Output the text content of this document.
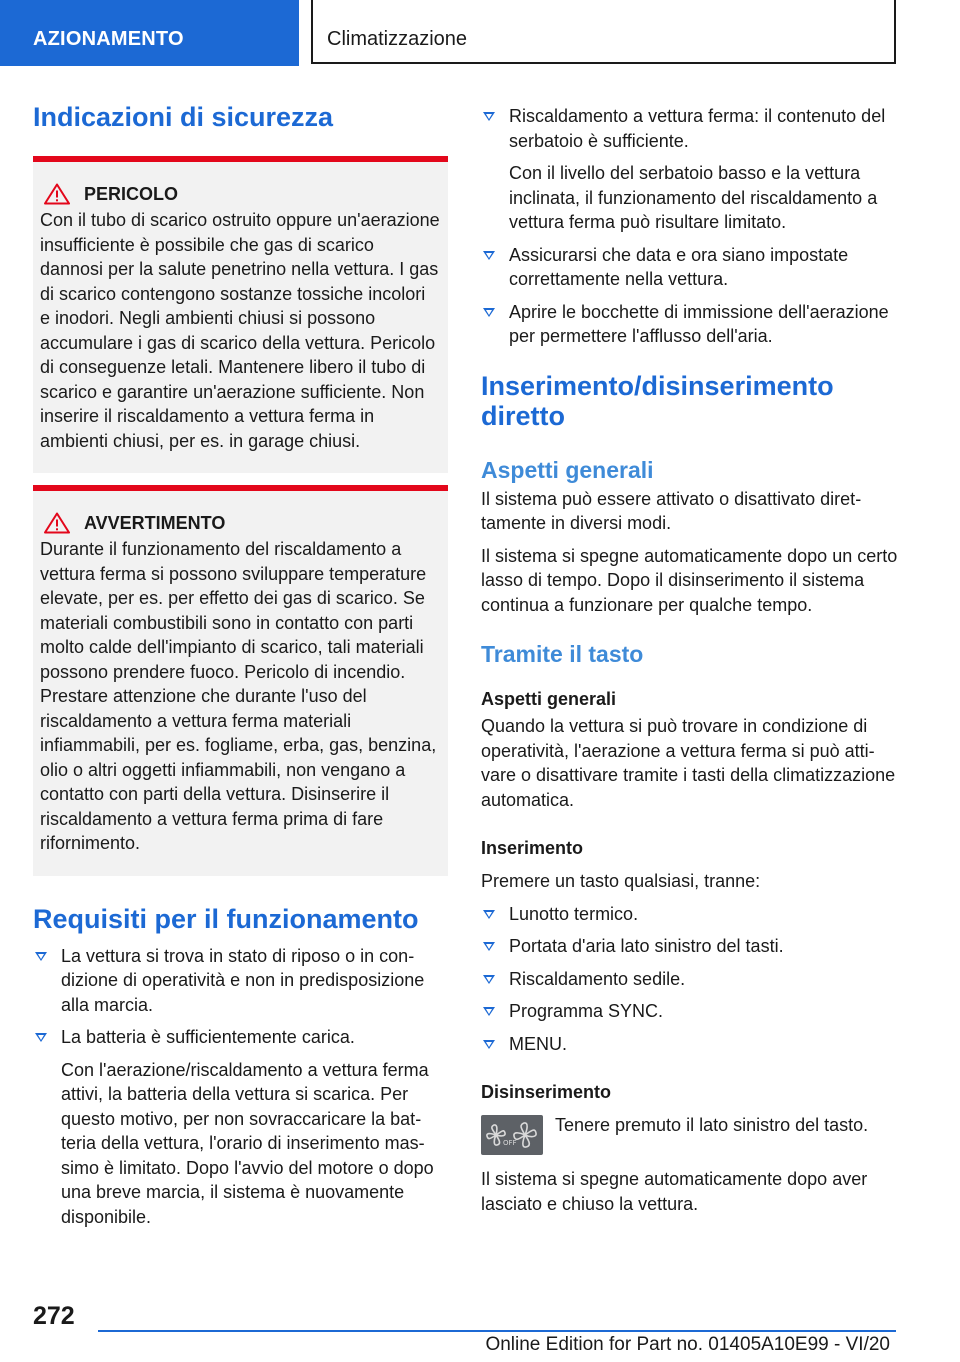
AZIONAMENTO	Climatizzazione
Indicazioni di sicurezza
PERICOLO

Con il tubo di scarico ostruito oppure un'aerazione insufficiente è possibile che gas di scarico dannosi per la salute penetrino nella vettura. I gas di scarico contengono sostanze tossiche incolori e inodori. Negli ambienti chiusi si possono accumulare i gas di scarico della vettura. Pericolo di conseguenze letali. Mantenere libero il tubo di scarico e garantire un'aerazione sufficiente. Non inserire il riscaldamento a vettura ferma in ambienti chiusi, per es. in garage chiusi.

AVVERTIMENTO

Durante il funzionamento del riscaldamento a vettura ferma si possono sviluppare temperature elevate, per es. per effetto dei gas di scarico. Se materiali combustibili sono in contatto con parti molto calde dell'impianto di scarico, tali materiali possono prendere fuoco. Pericolo di incendio. Prestare attenzione che durante l'uso del riscaldamento a vettura ferma materiali infiammabili, per es. fogliame, erba, gas, benzina, olio o altri oggetti infiammabili, non vengano a contatto con parti della vettura. Disinserire il riscaldamento a vettura ferma prima di fare rifornimento.

Requisiti per il funzionamento
La vettura si trova in stato di riposo o in condizione di operatività e non in predisposizione alla marcia.
La batteria è sufficientemente carica.
Con l'aerazione/riscaldamento a vettura ferma attivi, la batteria della vettura si scarica. Per questo motivo, per non sovraccaricare la batteria della vettura, l'orario di inserimento massimo è limitato. Dopo l'avvio del motore o dopo una breve marcia, il sistema è nuovamente disponibile.
Riscaldamento a vettura ferma: il contenuto del serbatoio è sufficiente.
Con il livello del serbatoio basso e la vettura inclinata, il funzionamento del riscaldamento a vettura ferma può risultare limitato.
Assicurarsi che data e ora siano impostate correttamente nella vettura.
Aprire le bocchette di immissione dell'aerazione per permettere l'afflusso dell'aria.
Inserimento/disinserimento diretto
Aspetti generali

Il sistema può essere attivato o disattivato direttamente in diversi modi.

Il sistema si spegne automaticamente dopo un certo lasso di tempo. Dopo il disinserimento il sistema continua a funzionare per qualche tempo.

Tramite il tasto
Aspetti generali

Quando la vettura si può trovare in condizione di operatività, l'aerazione a vettura ferma si può attivare o disattivare tramite i tasti della climatizzazione automatica.

Inserimento

Premere un tasto qualsiasi, tranne:

Lunotto termico.
Portata d'aria lato sinistro del tasti.
Riscaldamento sedile.
Programma SYNC.
MENU.
Disinserimento
OFF

Tenere premuto il lato sinistro del tasto.

Il sistema si spegne automaticamente dopo aver lasciato e chiuso la vettura.

272
Online Edition for Part no. 01405A10E99 - VI/20
